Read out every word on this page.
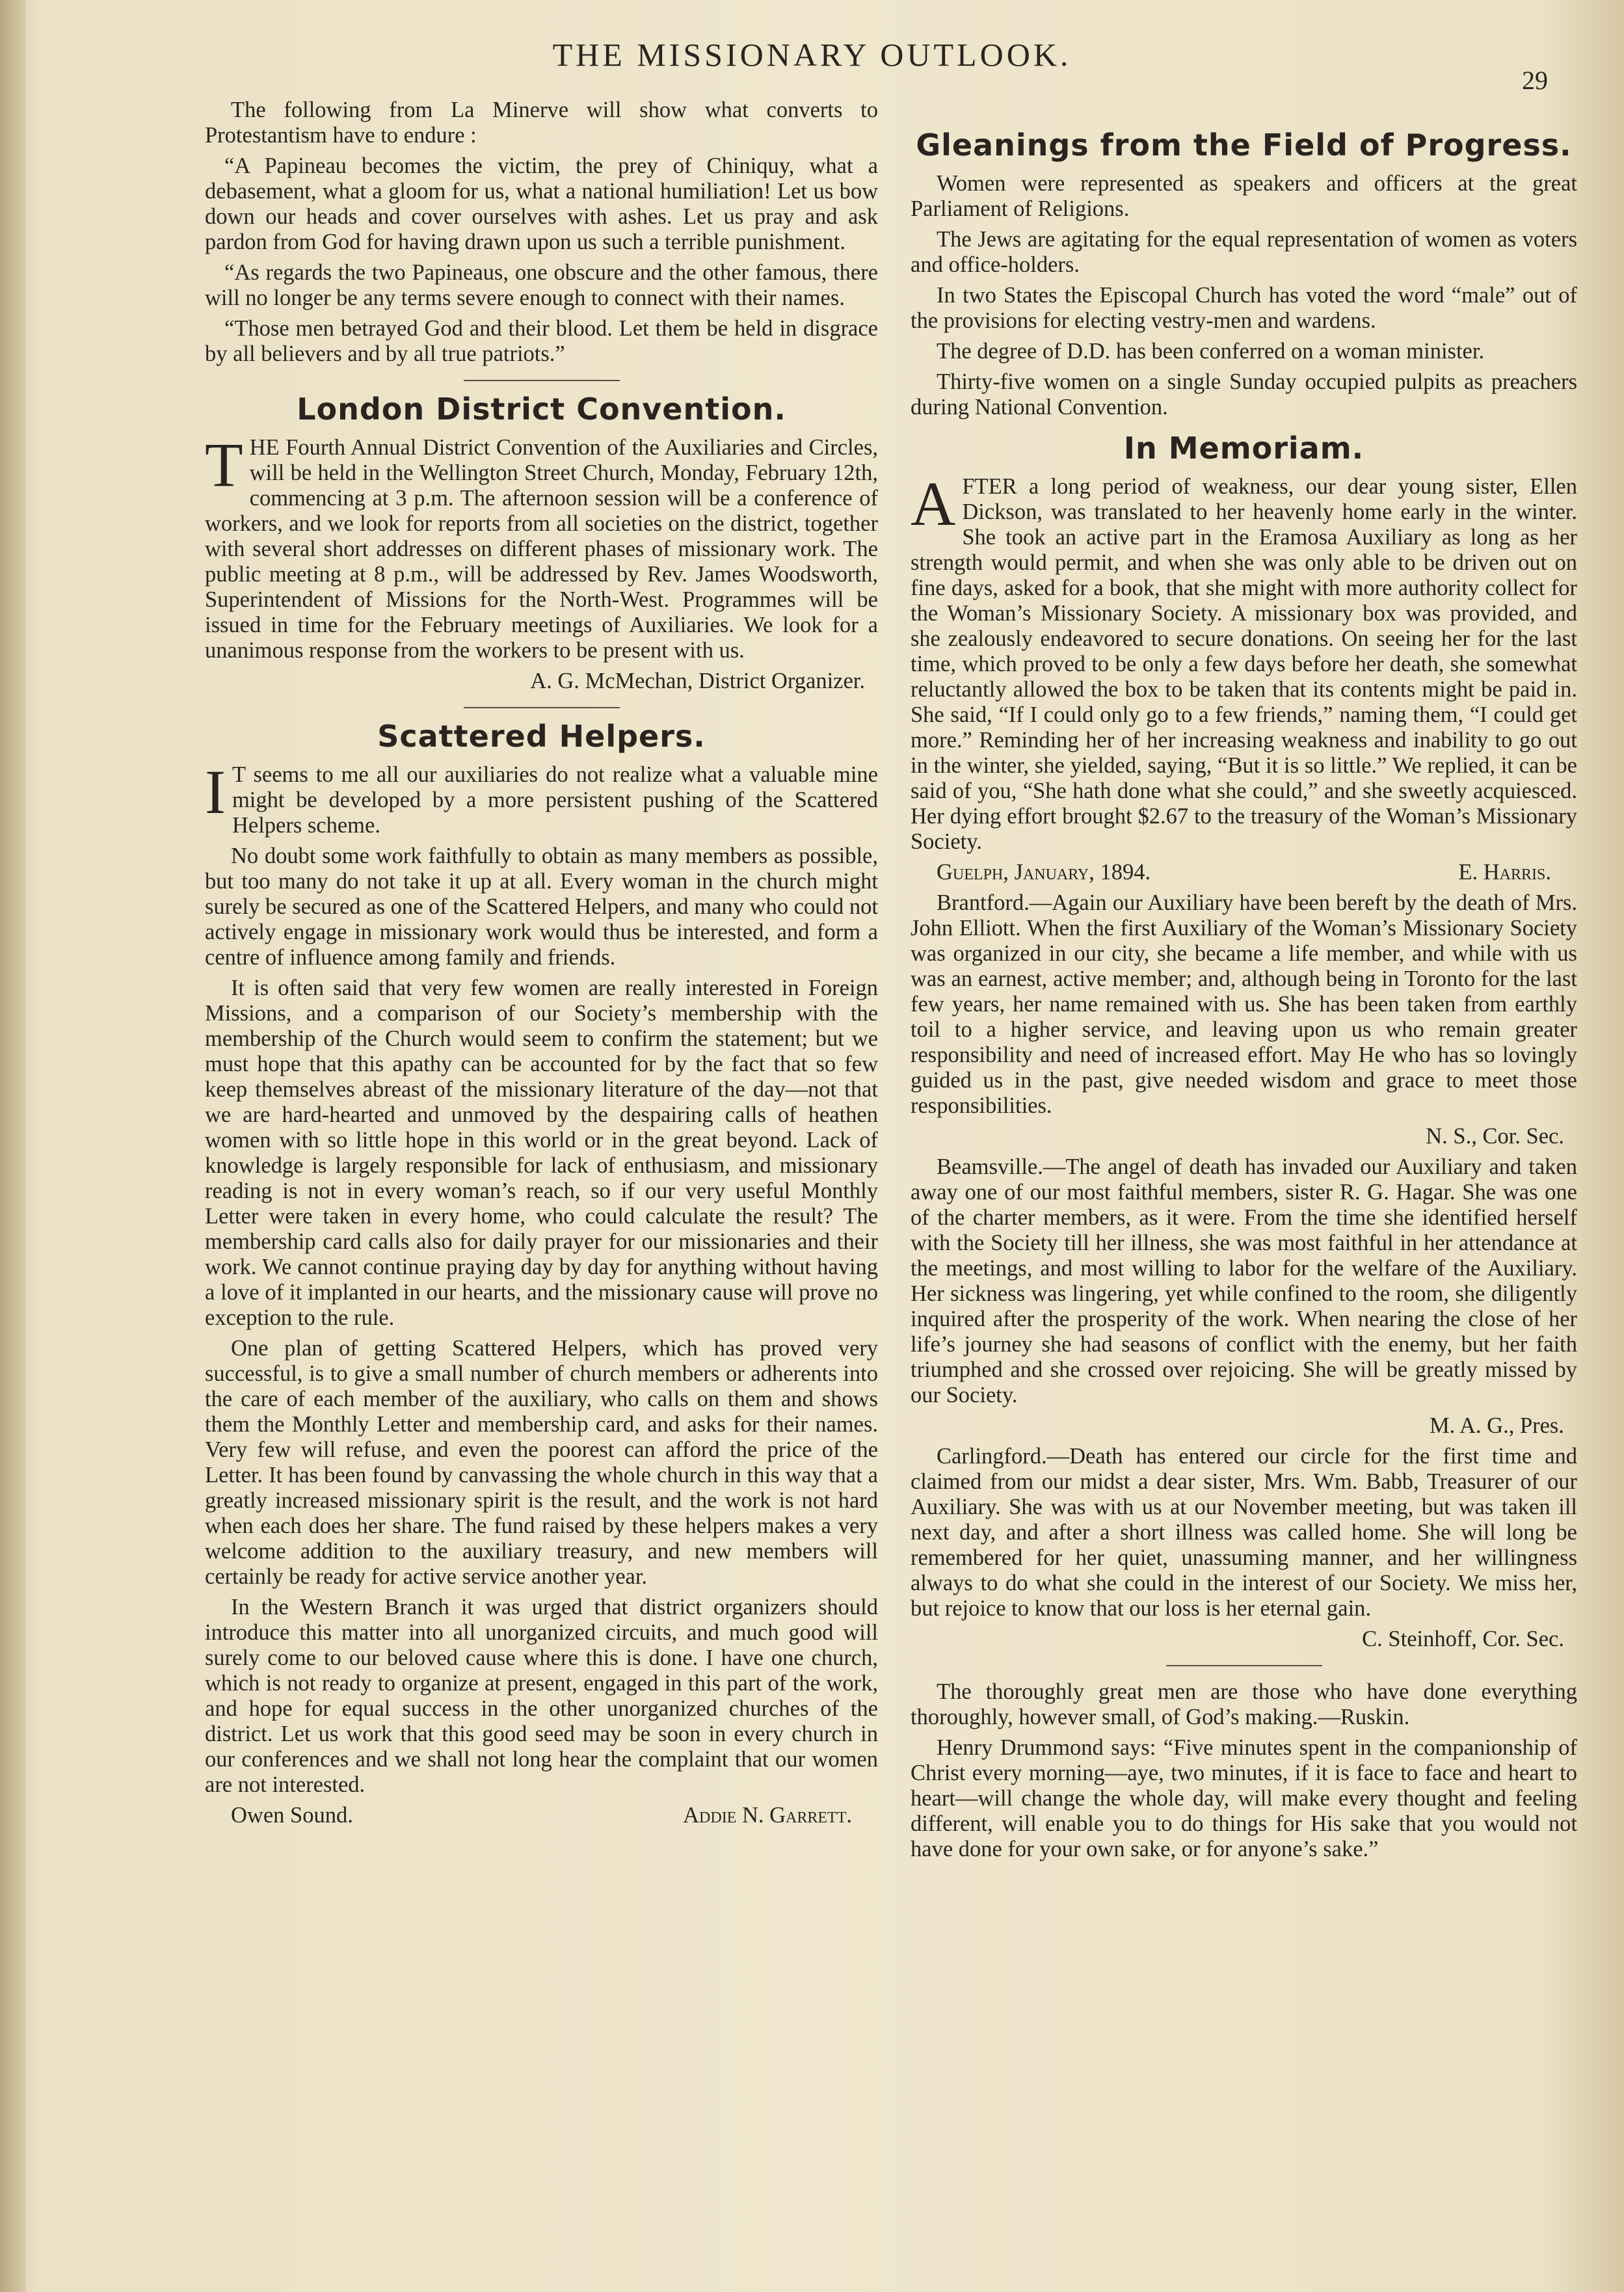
THE MISSIONARY OUTLOOK.
29

The following from La Minerve will show what converts to Protestantism have to endure :

“A Papineau becomes the victim, the prey of Chiniquy, what a debasement, what a gloom for us, what a national humiliation! Let us bow down our heads and cover ourselves with ashes. Let us pray and ask pardon from God for having drawn upon us such a terrible punishment.

“As regards the two Papineaus, one obscure and the other famous, there will no longer be any terms severe enough to connect with their names.

“Those men betrayed God and their blood. Let them be held in disgrace by all believers and by all true patriots.”

London District Convention.

THE Fourth Annual District Convention of the Auxiliaries and Circles, will be held in the Wellington Street Church, Monday, February 12th, commencing at 3 p.m. The afternoon session will be a conference of workers, and we look for reports from all societies on the district, together with several short addresses on different phases of missionary work. The public meeting at 8 p.m., will be addressed by Rev. James Woodsworth, Superintendent of Missions for the North-West. Programmes will be issued in time for the February meetings of Auxiliaries. We look for a unanimous response from the workers to be present with us.

A. G. McMechan, District Organizer.
Scattered Helpers.

I T seems to me all our auxiliaries do not realize what a valuable mine might be developed by a more persistent pushing of the Scattered Helpers scheme.

No doubt some work faithfully to obtain as many members as possible, but too many do not take it up at all. Every woman in the church might surely be secured as one of the Scattered Helpers, and many who could not actively engage in missionary work would thus be interested, and form a centre of influence among family and friends.

It is often said that very few women are really interested in Foreign Missions, and a comparison of our Society’s membership with the membership of the Church would seem to confirm the statement; but we must hope that this apathy can be accounted for by the fact that so few keep themselves abreast of the missionary literature of the day—not that we are hard-hearted and unmoved by the despairing calls of heathen women with so little hope in this world or in the great beyond. Lack of knowledge is largely responsible for lack of enthusiasm, and missionary reading is not in every woman’s reach, so if our very useful Monthly Letter were taken in every home, who could calculate the result? The membership card calls also for daily prayer for our missionaries and their work. We cannot continue praying day by day for anything without having a love of it implanted in our hearts, and the missionary cause will prove no exception to the rule.

One plan of getting Scattered Helpers, which has proved very successful, is to give a small number of church members or adherents into the care of each member of the auxiliary, who calls on them and shows them the Monthly Letter and membership card, and asks for their names. Very few will refuse, and even the poorest can afford the price of the Letter. It has been found by canvassing the whole church in this way that a greatly increased missionary spirit is the result, and the work is not hard when each does her share. The fund raised by these helpers makes a very welcome addition to the auxiliary treasury, and new members will certainly be ready for active service another year.

In the Western Branch it was urged that district organizers should introduce this matter into all unorganized circuits, and much good will surely come to our beloved cause where this is done. I have one church, which is not ready to organize at present, engaged in this part of the work, and hope for equal success in the other unorganized churches of the district. Let us work that this good seed may be soon in every church in our conferences and we shall not long hear the complaint that our women are not interested.

Owen Sound.	Addie N. Garrett.
Gleanings from the Field of Progress.

Women were represented as speakers and officers at the great Parliament of Religions.

The Jews are agitating for the equal representation of women as voters and office-holders.

In two States the Episcopal Church has voted the word “male” out of the provisions for electing vestry-men and wardens.

The degree of D.D. has been conferred on a woman minister.

Thirty-five women on a single Sunday occupied pulpits as preachers during National Convention.

In Memoriam.

AFTER a long period of weakness, our dear young sister, Ellen Dickson, was translated to her heavenly home early in the winter. She took an active part in the Eramosa Auxiliary as long as her strength would permit, and when she was only able to be driven out on fine days, asked for a book, that she might with more authority collect for the Woman’s Missionary Society. A missionary box was provided, and she zealously endeavored to secure donations. On seeing her for the last time, which proved to be only a few days before her death, she somewhat reluctantly allowed the box to be taken that its contents might be paid in. She said, “If I could only go to a few friends,” naming them, “I could get more.” Reminding her of her increasing weakness and inability to go out in the winter, she yielded, saying, “But it is so little.” We replied, it can be said of you, “She hath done what she could,” and she sweetly acquiesced. Her dying effort brought $2.67 to the treasury of the Woman’s Missionary Society.

Guelph, January, 1894.	E. Harris.

Brantford.—Again our Auxiliary have been bereft by the death of Mrs. John Elliott. When the first Auxiliary of the Woman’s Missionary Society was organized in our city, she became a life member, and while with us was an earnest, active member; and, although being in Toronto for the last few years, her name remained with us. She has been taken from earthly toil to a higher service, and leaving upon us who remain greater responsibility and need of increased effort. May He who has so lovingly guided us in the past, give needed wisdom and grace to meet those responsibilities.

N. S., Cor. Sec.

Beamsville.—The angel of death has invaded our Auxiliary and taken away one of our most faithful members, sister R. G. Hagar. She was one of the charter members, as it were. From the time she identified herself with the Society till her illness, she was most faithful in her attendance at the meetings, and most willing to labor for the welfare of the Auxiliary. Her sickness was lingering, yet while confined to the room, she diligently inquired after the prosperity of the work. When nearing the close of her life’s journey she had seasons of conflict with the enemy, but her faith triumphed and she crossed over rejoicing. She will be greatly missed by our Society.

M. A. G., Pres.

Carlingford.—Death has entered our circle for the first time and claimed from our midst a dear sister, Mrs. Wm. Babb, Treasurer of our Auxiliary. She was with us at our November meeting, but was taken ill next day, and after a short illness was called home. She will long be remembered for her quiet, unassuming manner, and her willingness always to do what she could in the interest of our Society. We miss her, but rejoice to know that our loss is her eternal gain.

C. Steinhoff, Cor. Sec.

The thoroughly great men are those who have done everything thoroughly, however small, of God’s making.—Ruskin.

Henry Drummond says: “Five minutes spent in the companionship of Christ every morning—aye, two minutes, if it is face to face and heart to heart—will change the whole day, will make every thought and feeling different, will enable you to do things for His sake that you would not have done for your own sake, or for anyone’s sake.”
